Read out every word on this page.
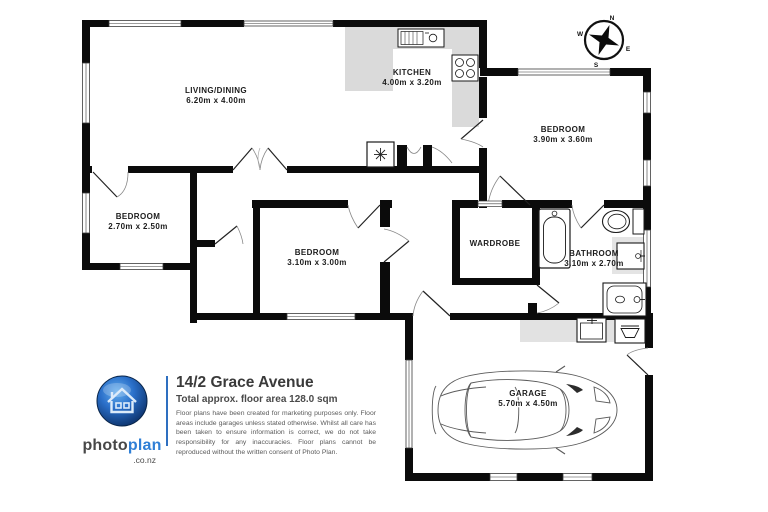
N
E
S
W
LIVING/DINING
6.20m x 4.00m
KITCHEN
4.00m x 3.20m
BEDROOM
3.90m x 3.60m
BEDROOM
2.70m x 2.50m
BEDROOM
3.10m x 3.00m
WARDROBE
BATHROOM
3.10m x 2.70m
GARAGE
5.70m x 4.50m
photoplan
.co.nz
14/2 Grace Avenue
Total approx. floor area 128.0 sqm
Floor plans have been created for marketing purposes only. Floor areas include garages unless stated otherwise. Whilst all care has been taken to ensure information is correct, we do not take responsibility for any inaccuracies. Floor plans cannot be reproduced without the written consent of Photo Plan.
